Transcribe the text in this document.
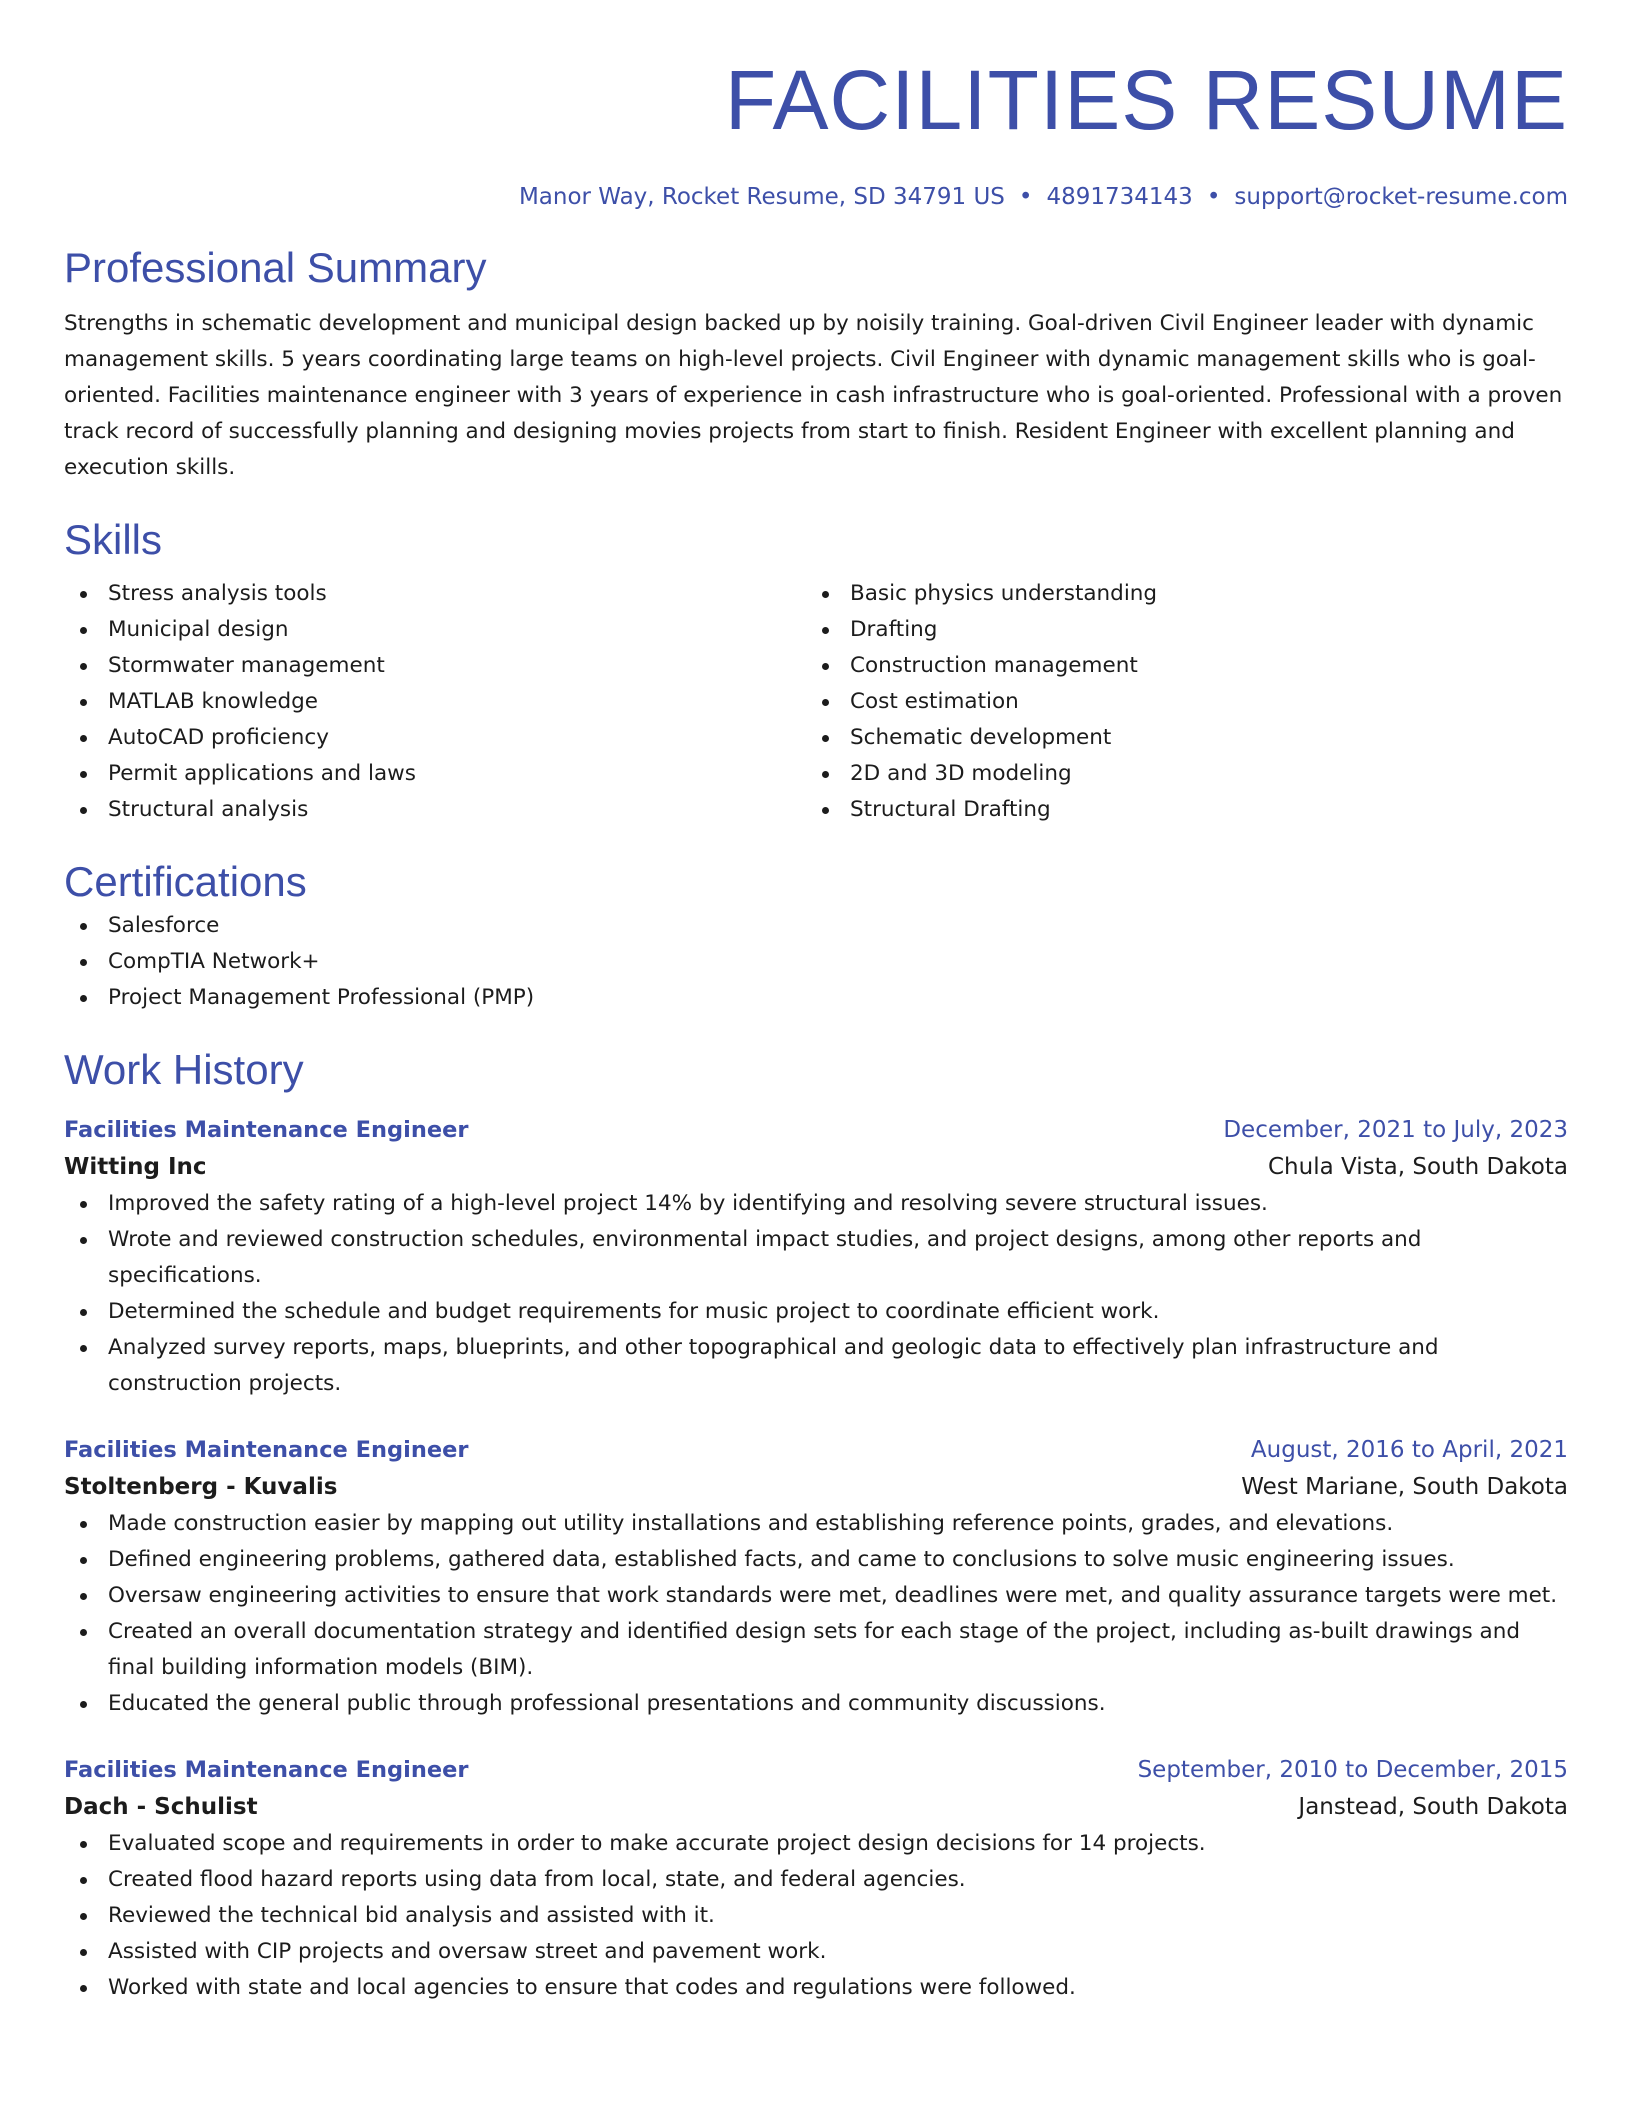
FACILITIES RESUME
Manor Way, Rocket Resume, SD 34791 US • 4891734143 • support@rocket-resume.com
Professional Summary
Strengths in schematic development and municipal design backed up by noisily training. Goal-driven Civil Engineer leader with dynamic management skills. 5 years coordinating large teams on high-level projects. Civil Engineer with dynamic management skills who is goal-oriented. Facilities maintenance engineer with 3 years of experience in cash infrastructure who is goal-oriented. Professional with a proven track record of successfully planning and designing movies projects from start to finish. Resident Engineer with excellent planning and execution skills.
Skills
Stress analysis tools
Municipal design
Stormwater management
MATLAB knowledge
AutoCAD proficiency
Permit applications and laws
Structural analysis
Basic physics understanding
Drafting
Construction management
Cost estimation
Schematic development
2D and 3D modeling
Structural Drafting
Certifications
Salesforce
CompTIA Network+
Project Management Professional (PMP)
Work History
Facilities Maintenance Engineer	December, 2021 to July, 2023
Witting Inc	Chula Vista, South Dakota
Improved the safety rating of a high-level project 14% by identifying and resolving severe structural issues.
Wrote and reviewed construction schedules, environmental impact studies, and project designs, among other reports and specifications.
Determined the schedule and budget requirements for music project to coordinate efficient work.
Analyzed survey reports, maps, blueprints, and other topographical and geologic data to effectively plan infrastructure and construction projects.
Facilities Maintenance Engineer	August, 2016 to April, 2021
Stoltenberg - Kuvalis	West Mariane, South Dakota
Made construction easier by mapping out utility installations and establishing reference points, grades, and elevations.
Defined engineering problems, gathered data, established facts, and came to conclusions to solve music engineering issues.
Oversaw engineering activities to ensure that work standards were met, deadlines were met, and quality assurance targets were met.
Created an overall documentation strategy and identified design sets for each stage of the project, including as-built drawings and final building information models (BIM).
Educated the general public through professional presentations and community discussions.
Facilities Maintenance Engineer	September, 2010 to December, 2015
Dach - Schulist	Janstead, South Dakota
Evaluated scope and requirements in order to make accurate project design decisions for 14 projects.
Created flood hazard reports using data from local, state, and federal agencies.
Reviewed the technical bid analysis and assisted with it.
Assisted with CIP projects and oversaw street and pavement work.
Worked with state and local agencies to ensure that codes and regulations were followed.
